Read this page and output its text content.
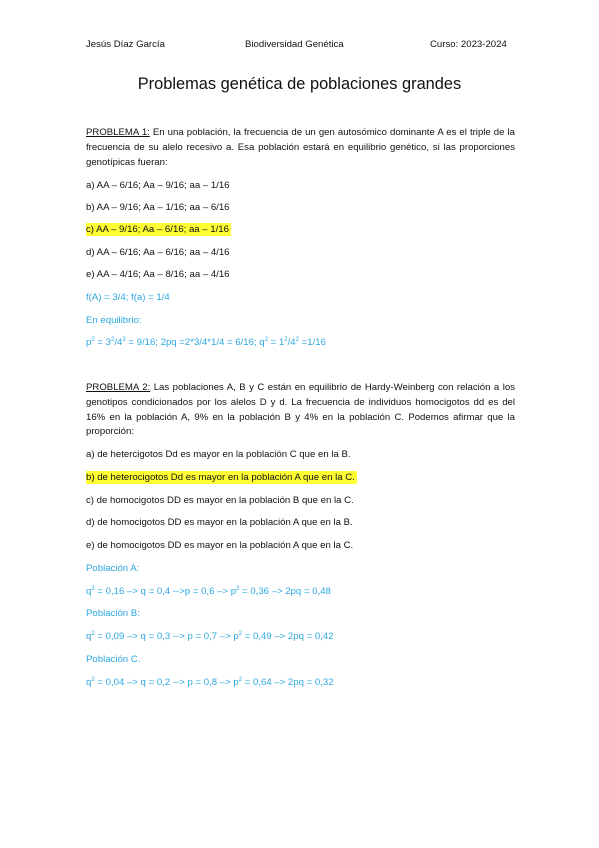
Jesús Díaz García	Biodiversidad Genética	Curso: 2023-2024
Problemas genética de poblaciones grandes

PROBLEMA 1: En una población, la frecuencia de un gen autosómico dominante A es el triple de la frecuencia de su alelo recesivo a. Esa población estará en equilibrio genético, si las proporciones genotípicas fueran:

a) AA – 6/16; Aa – 9/16; aa – 1/16
b) AA – 9/16; Aa – 1/16; aa – 6/16
c) AA – 9/16; Aa – 6/16; aa – 1/16
d) AA – 6/16; Aa – 6/16; aa – 4/16
e) AA – 4/16; Aa – 8/16; aa – 4/16
f(A) = 3/4; f(a) = 1/4
En equilibrio:
$p^2 = 3^2/4^2 = 9/16$; 2pq =2*3/4*1/4 = 6/16; $q^2 = 1^2/4^2 =1/16$

PROBLEMA 2: Las poblaciones A, B y C están en equilibrio de Hardy-Weinberg con relación a los genotipos condicionados por los alelos D y d. La frecuencia de individuos homocigotos dd es del 16% en la población A, 9% en la población B y 4% en la población C. Podemos afirmar que la proporción:

a) de hetercigotos Dd es mayor en la población C que en la B.
b) de heterocigotos Dd es mayor en la población A que en la C.
c) de homocigotos DD es mayor en la población B que en la C.
d) de homocigotos DD es mayor en la población A que en la B.
e) de homocigotos DD es mayor en la población A que en la C.
Población A:
$q^2 = 0,16 -> q = 0,4$ $-->p = 0,6 -> p^2 = 0,36 -> 2pq = 0,48$
Población B:
$q^2 = 0,09 -> q = 0,3$ --> $p = 0,7 -> p^2 = 0,49 -> 2pq = 0,42$
Población C.
$q^2 = 0,04 -> q = 0,2$ --> $p = 0,8 -> p^2 = 0,64 -> 2pq = 0,32$
